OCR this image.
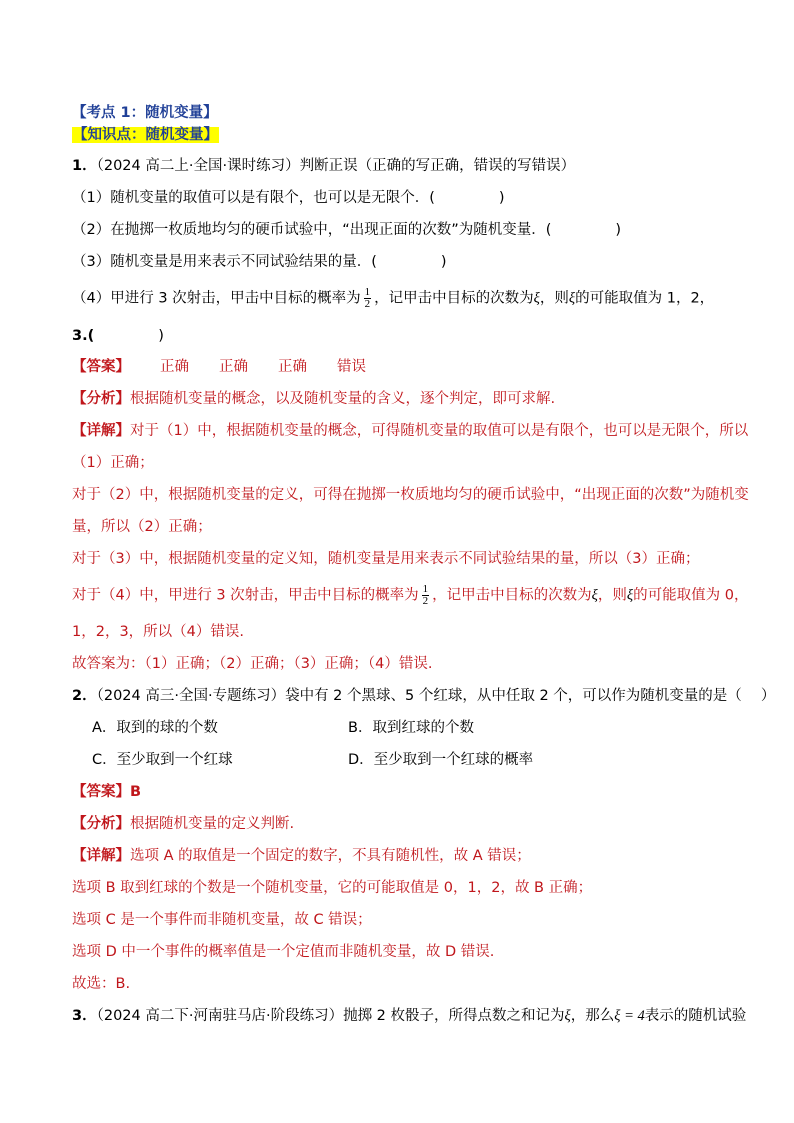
【考点 1：随机变量】
【知识点：随机变量】
1．（2024 高二上·全国·课时练习）判断正误（正确的写正确，错误的写错误）
（1）随机变量的取值可以是有限个，也可以是无限个．(	)
（2）在抛掷一枚质地均匀的硬币试验中，“出现正面的次数”为随机变量．(	)
（3）随机变量是用来表示不同试验结果的量．(	)
（4）甲进行 3 次射击，甲击中目标的概率为 $\frac{1}{2}$ ，记甲击中目标的次数为ξ，则ξ的可能取值为 1，2，
3.(	)
【答案】 正确 正确 正确 错误
【分析】根据随机变量的概念，以及随机变量的含义，逐个判定，即可求解.
【详解】对于（1）中，根据随机变量的概念，可得随机变量的取值可以是有限个，也可以是无限个，所以
（1）正确；
对于（2）中，根据随机变量的定义，可得在抛掷一枚质地均匀的硬币试验中，“出现正面的次数”为随机变
量，所以（2）正确；
对于（3）中，根据随机变量的定义知，随机变量是用来表示不同试验结果的量，所以（3）正确；
对于（4）中，甲进行 3 次射击，甲击中目标的概率为 $\frac{1}{2}$ ，记甲击中目标的次数为ξ，则ξ的可能取值为 0，
1，2，3，所以（4）错误.
故答案为：（1）正确；（2）正确；（3）正确；（4）错误.
2．（2024 高三·全国·专题练习）袋中有 2 个黑球、5 个红球，从中任取 2 个，可以作为随机变量的是（　 ）
A．取到的球的个数	B．取到红球的个数
C．至少取到一个红球	D．至少取到一个红球的概率
【答案】B
【分析】根据随机变量的定义判断.
【详解】选项 A 的取值是一个固定的数字，不具有随机性，故 A 错误；
选项 B 取到红球的个数是一个随机变量，它的可能取值是 0，1，2，故 B 正确；
选项 C 是一个事件而非随机变量，故 C 错误；
选项 D 中一个事件的概率值是一个定值而非随机变量，故 D 错误.
故选：B.
3．（2024 高二下·河南驻马店·阶段练习）抛掷 2 枚骰子，所得点数之和记为ξ，那么ξ = 4表示的随机试验
